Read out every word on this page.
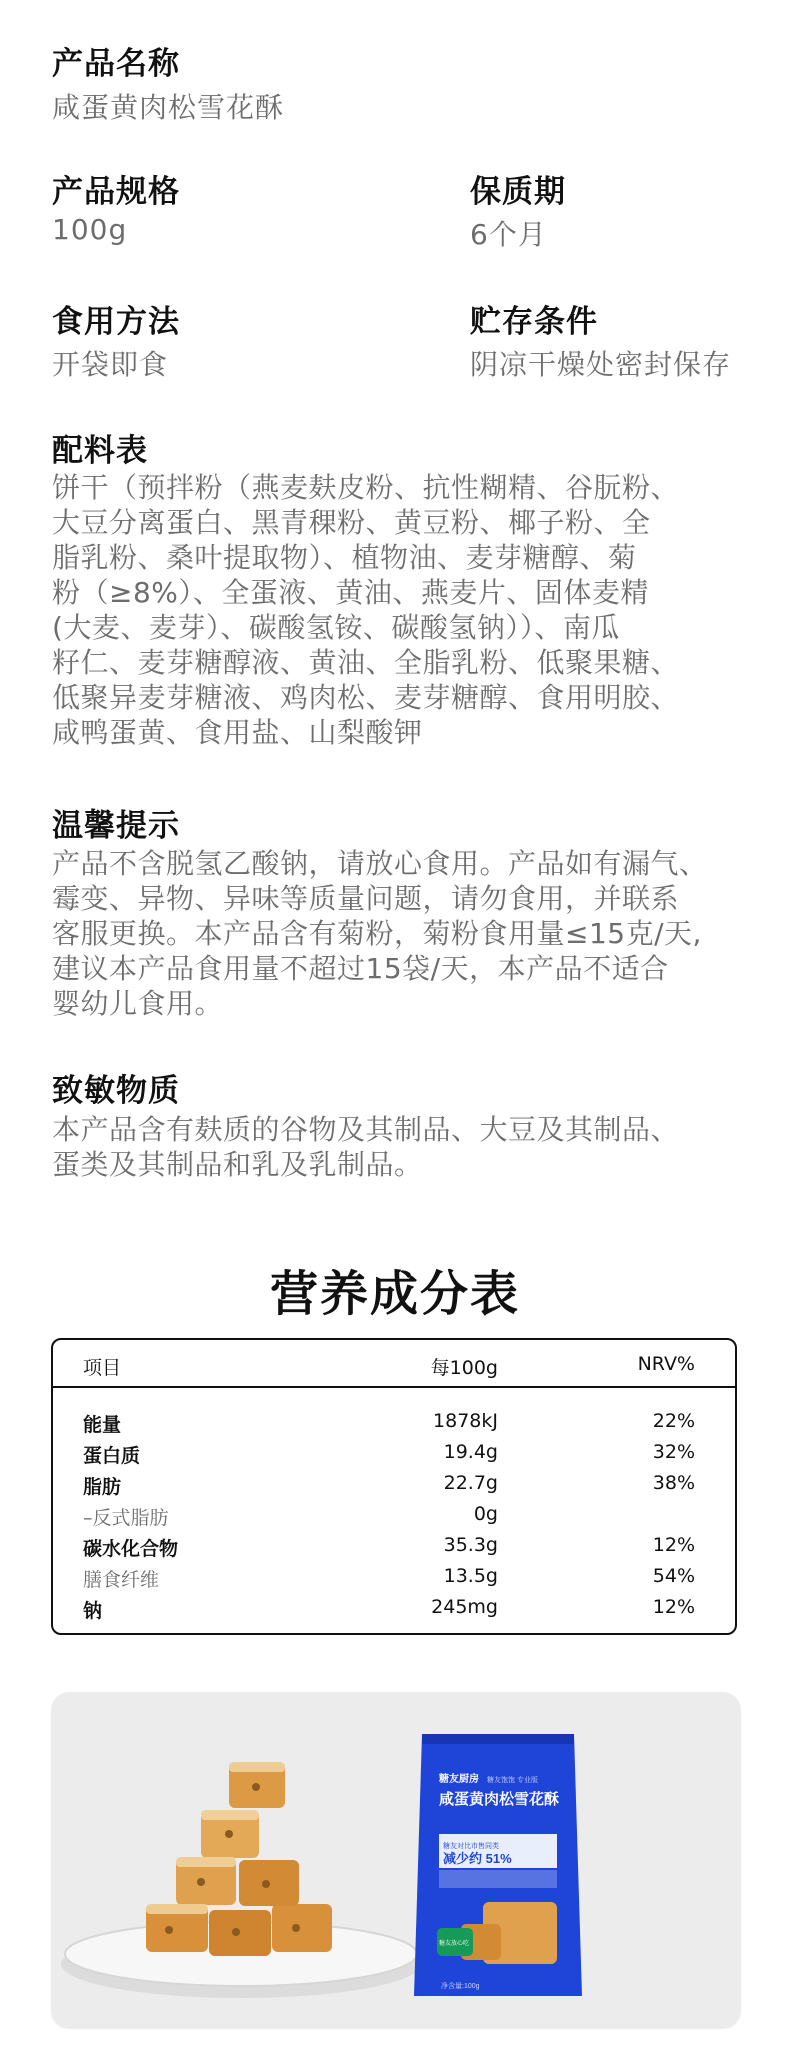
产品名称
咸蛋黄肉松雪花酥
产品规格
100g
保质期
6个月
食用方法
开袋即食
贮存条件
阴凉干燥处密封保存
配料表
饼干（预拌粉（燕麦麸皮粉、抗性糊精、谷朊粉、
大豆分离蛋白、黑青稞粉、黄豆粉、椰子粉、全
脂乳粉、桑叶提取物）、植物油、麦芽糖醇、菊
粉（≥8%）、全蛋液、黄油、燕麦片、固体麦精
(大麦、麦芽）、碳酸氢铵、碳酸氢钠））、南瓜
籽仁、麦芽糖醇液、黄油、全脂乳粉、低聚果糖、
低聚异麦芽糖液、鸡肉松、麦芽糖醇、食用明胶、
咸鸭蛋黄、食用盐、山梨酸钾
温馨提示
产品不含脱氢乙酸钠，请放心食用。产品如有漏气、
霉变、异物、异味等质量问题，请勿食用，并联系
客服更换。本产品含有菊粉，菊粉食用量≤15克/天,
建议本产品食用量不超过15袋/天，本产品不适合
婴幼儿食用。
致敏物质
本产品含有麸质的谷物及其制品、大豆及其制品、
蛋类及其制品和乳及乳制品。
营养成分表
项目	每100g	NRV%
能量	1878kJ	22%
蛋白质	19.4g	32%
脂肪	22.7g	38%
–反式脂肪	0g
碳水化合物	35.3g	12%
膳食纤维	13.5g	54%
钠	245mg	12%
糖友厨房 糖友饱饱 专业版
咸蛋黄肉松雪花酥
糖友对比市售同类
减少约 51%
糖友放心吃
净含量:100g
